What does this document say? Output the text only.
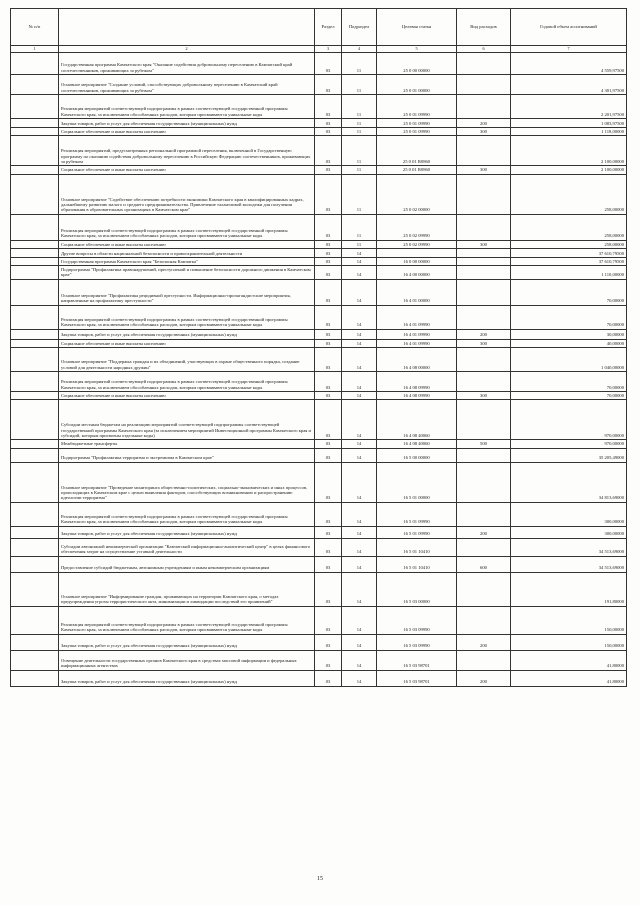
№ п/п		Раздел	Подраздел	Целевая статья	Вид расходов	Годовой объем ассигнований
1	2	3	4	5	6	7
	Государственная программа Камчатского края "Оказание содействия добровольному переселению в Камчатский край соотечественников, проживающих за рубежом"	03	11	25 0 00 00000		4 559,97500
	Основное мероприятие "Создание условий, способствующих добровольному переселению в Камчатский край соотечественников, проживающих за рубежом"	03	11	25 0 01 00000		4 301,97500
	Реализация мероприятий соответствующей подпрограммы в рамках соответствующей государственной программы Камчатского края, за исключением обособленных расходов, которым присваиваются уникальные коды	03	11	25 0 01 09990		2 201,97500
	Закупка товаров, работ и услуг для обеспечения государственных (муниципальных) нужд	03	11	25 0 01 09990	200	1 083,97500
	Социальное обеспечение и иные выплаты населению	03	11	25 0 01 09990	300	1 118,00000
	Реализация мероприятий, предусмотренных региональной программой переселения, включенной в Государственную программу по оказанию содействия добровольному переселению в Российскую Федерацию соотечественников, проживающих за рубежом	03	11	25 0 01 R0860		2 100,00000
	Социальное обеспечение и иные выплаты населению	03	11	25 0 01 R0860	300	2 100,00000
	Основное мероприятие "Содействие обеспечению потребности экономики Камчатского края в квалифицированных кадрах, дальнейшему развитию малого и среднего предпринимательства. Привлечение талантливой молодежи для получения образования в образовательных организациях в Камчатском крае"	03	11	25 0 02 00000		258,00000
	Реализация мероприятий соответствующей подпрограммы в рамках соответствующей государственной программы Камчатского края, за исключением обособленных расходов, которым присваиваются уникальные коды	03	11	25 0 02 09990		258,00000
	Социальное обеспечение и иные выплаты населению	03	11	25 0 02 09990	300	258,00000
	Другие вопросы в области национальной безопасности и правоохранительной деятельности	03	14			37 610,79500
	Государственная программа Камчатского края "Безопасная Камчатка"	03	14	16 0 00 00000		37 610,79500
	Подпрограмма "Профилактика правонарушений, преступлений и повышение безопасности дорожного движения в Камчатском крае"	03	14	16 4 00 00000		1 110,00000
	Основное мероприятие "Профилактика рецидивной преступности. Информационно-пропагандистские мероприятия, направленные на профилактику преступности"	03	14	16 4 01 00000		70,00000
	Реализация мероприятий соответствующей подпрограммы в рамках соответствующей государственной программы Камчатского края, за исключением обособленных расходов, которым присваиваются уникальные коды	03	14	16 4 01 09990		70,00000
	Закупка товаров, работ и услуг для обеспечения государственных (муниципальных) нужд	03	14	16 4 01 09990	200	30,00000
	Социальное обеспечение и иные выплаты населению	03	14	16 4 01 09990	300	40,00000
	Основное мероприятие "Поддержка граждан и их объединений, участвующих в охране общественного порядка, создание условий для деятельности народных дружин"	03	14	16 4 08 00000		1 040,00000
	Реализация мероприятий соответствующей подпрограммы в рамках соответствующей государственной программы Камчатского края, за исключением обособленных расходов, которым присваиваются уникальные коды	03	14	16 4 08 09990		70,00000
	Социальное обеспечение и иные выплаты населению	03	14	16 4 08 09990	300	70,00000
	Субсидии местным бюджетам на реализацию мероприятий соответствующей подпрограммы соответствующей государственной программы Камчатского края (за исключением мероприятий Инвестиционной программы Камчатского края и субсидий, которым присвоены отдельные коды)	03	14	16 4 08 40060		970,00000
	Межбюджетные трансферты	03	14	16 4 08 40060	500	970,00000
	Подпрограмма "Профилактика терроризма и экстремизма в Камчатском крае"	03	14	16 5 00 00000		35 205,49000
	Основное мероприятие "Проведение мониторинга общественно-политических, социально-экономических и иных процессов, происходящих в Камчатском крае с целью выявления факторов, способствующих возникновению и распространению идеологии терроризма"	03	14	16 5 01 00000		34 813,69000
	Реализация мероприятий соответствующей подпрограммы в рамках соответствующей государственной программы Камчатского края, за исключением обособленных расходов, которым присваиваются уникальные коды	03	14	16 5 01 09990		300,00000
	Закупка товаров, работ и услуг для обеспечения государственных (муниципальных) нужд	03	14	16 5 01 09990	200	300,00000
	Субсидии автономной некоммерческой организации "Камчатский информационно-аналитический центр" в целях финансового обеспечения затрат на осуществление уставной деятельности	03	14	16 5 01 10410		34 513,69000
	Предоставление субсидий бюджетным, автономным учреждениям и иным некоммерческим организациям	03	14	16 5 01 10410	600	34 513,69000
	Основное мероприятие "Информирование граждан, проживающих на территории Камчатского края, о методах предупреждения угрозы террористического акта, минимизации и ликвидации последствий его проявлений"	03	14	16 5 03 00000		191,80000
	Реализация мероприятий соответствующей подпрограммы в рамках соответствующей государственной программы Камчатского края, за исключением обособленных расходов, которым присваиваются уникальные коды	03	14	16 5 03 09990		150,00000
	Закупка товаров, работ и услуг для обеспечения государственных (муниципальных) нужд	03	14	16 5 03 09990	200	150,00000
	Освещение деятельности государственных органов Камчатского края в средствах массовой информации и федеральных информационных агентствах	03	14	16 5 03 98701		41,80000
	Закупка товаров, работ и услуг для обеспечения государственных (муниципальных) нужд	03	14	16 5 03 98701	200	41,80000
15
